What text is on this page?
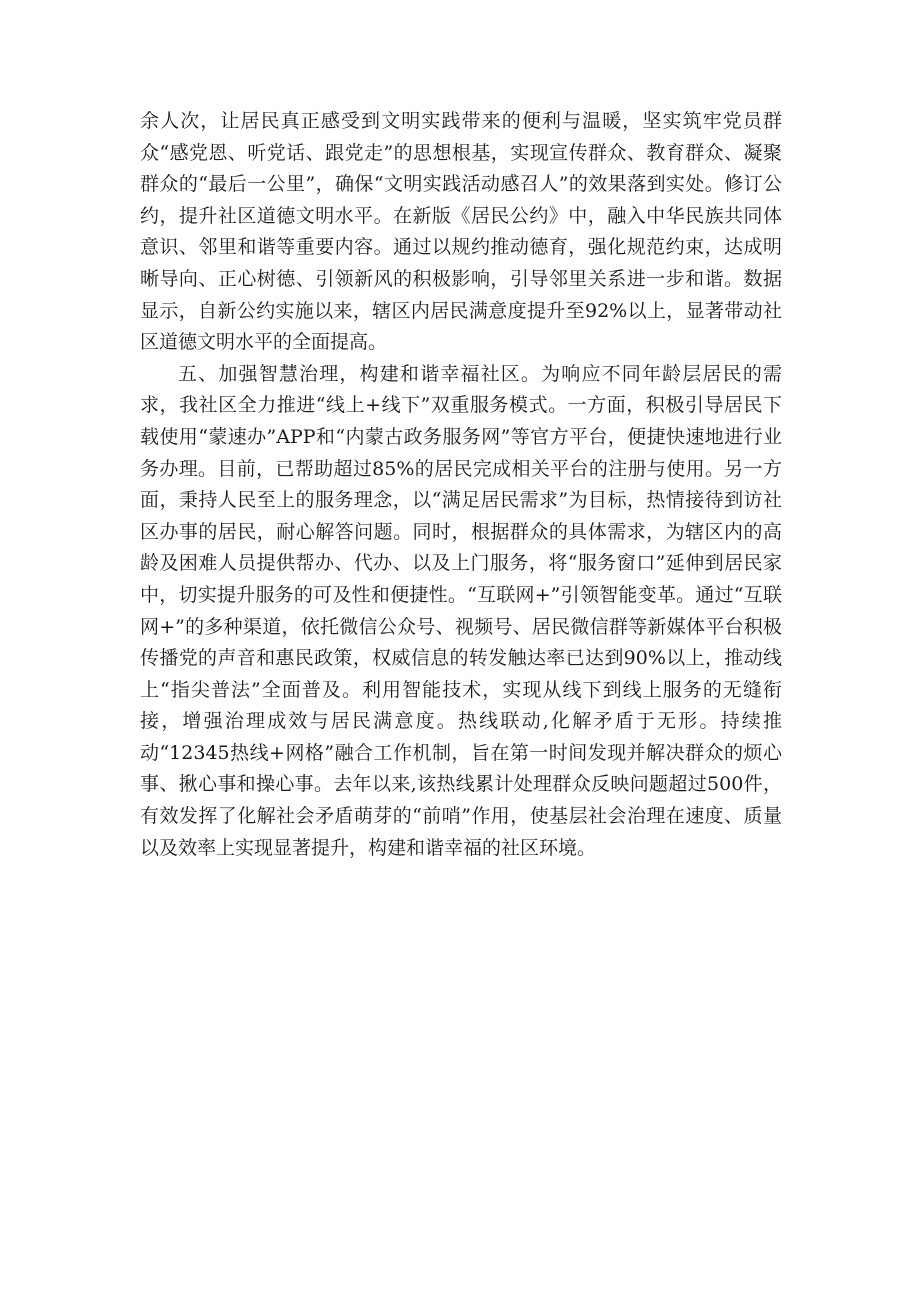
余人次，让居民真正感受到文明实践带来的便利与温暖，坚实筑牢党员群众“感党恩、听党话、跟党走”的思想根基，实现宣传群众、教育群众、凝聚群众的“最后一公里”，确保“文明实践活动感召人”的效果落到实处。修订公约，提升社区道德文明水平。在新版《居民公约》中，融入中华民族共同体意识、邻里和谐等重要内容。通过以规约推动德育，强化规范约束，达成明晰导向、正心树德、引领新风的积极影响，引导邻里关系进一步和谐。数据显示，自新公约实施以来，辖区内居民满意度提升至92%以上，显著带动社区道德文明水平的全面提高。

五、加强智慧治理，构建和谐幸福社区。为响应不同年龄层居民的需求，我社区全力推进“线上+线下”双重服务模式。一方面，积极引导居民下载使用“蒙速办”APP和“内蒙古政务服务网”等官方平台，便捷快速地进行业务办理。目前，已帮助超过85%的居民完成相关平台的注册与使用。另一方面，秉持人民至上的服务理念，以“满足居民需求”为目标，热情接待到访社区办事的居民，耐心解答问题。同时，根据群众的具体需求，为辖区内的高龄及困难人员提供帮办、代办、以及上门服务，将“服务窗口”延伸到居民家中，切实提升服务的可及性和便捷性。“互联网+”引领智能变革。通过“互联网+”的多种渠道，依托微信公众号、视频号、居民微信群等新媒体平台积极传播党的声音和惠民政策，权威信息的转发触达率已达到90%以上，推动线上“指尖普法”全面普及。利用智能技术，实现从线下到线上服务的无缝衔接，增强治理成效与居民满意度。热线联动,化解矛盾于无形。持续推动“12345热线+网格”融合工作机制，旨在第一时间发现并解决群众的烦心事、揪心事和操心事。去年以来,该热线累计处理群众反映问题超过500件，有效发挥了化解社会矛盾萌芽的“前哨”作用，使基层社会治理在速度、质量以及效率上实现显著提升，构建和谐幸福的社区环境。
